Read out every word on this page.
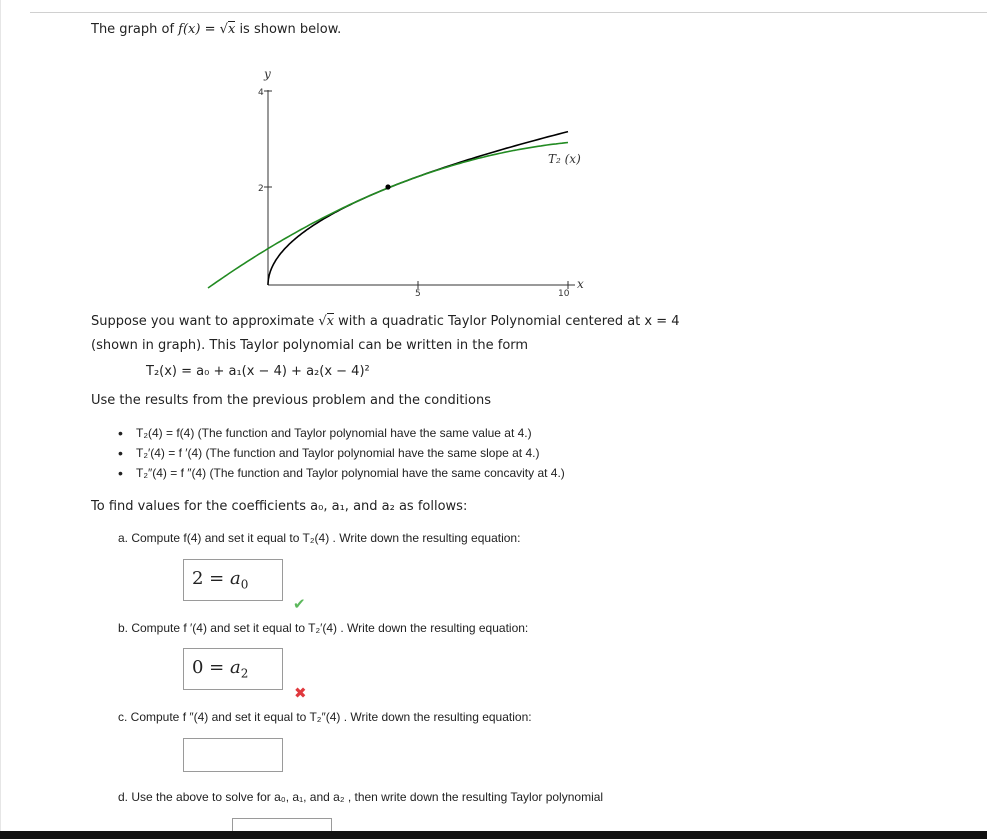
The graph of f(x) = √x is shown below.
y
4
2
5	10
x
T₂ (x)
Suppose you want to approximate √x with a quadratic Taylor Polynomial centered at x = 4
(shown in graph). This Taylor polynomial can be written in the form
T₂(x) = a₀ + a₁(x − 4) + a₂(x − 4)²
Use the results from the previous problem and the conditions
• T₂(4) = f(4) (The function and Taylor polynomial have the same value at 4.)
• T₂′(4) = f ′(4) (The function and Taylor polynomial have the same slope at 4.)
• T₂″(4) = f ″(4) (The function and Taylor polynomial have the same concavity at 4.)
To find values for the coefficients a₀, a₁, and a₂ as follows:
a. Compute f(4) and set it equal to T₂(4) . Write down the resulting equation:
$2 = a_0$
✔
b. Compute f ′(4) and set it equal to T₂′(4) . Write down the resulting equation:
$0 = a_2$
✖
c. Compute f ″(4) and set it equal to T₂″(4) . Write down the resulting equation:
d. Use the above to solve for a₀, a₁, and a₂ , then write down the resulting Taylor polynomial
